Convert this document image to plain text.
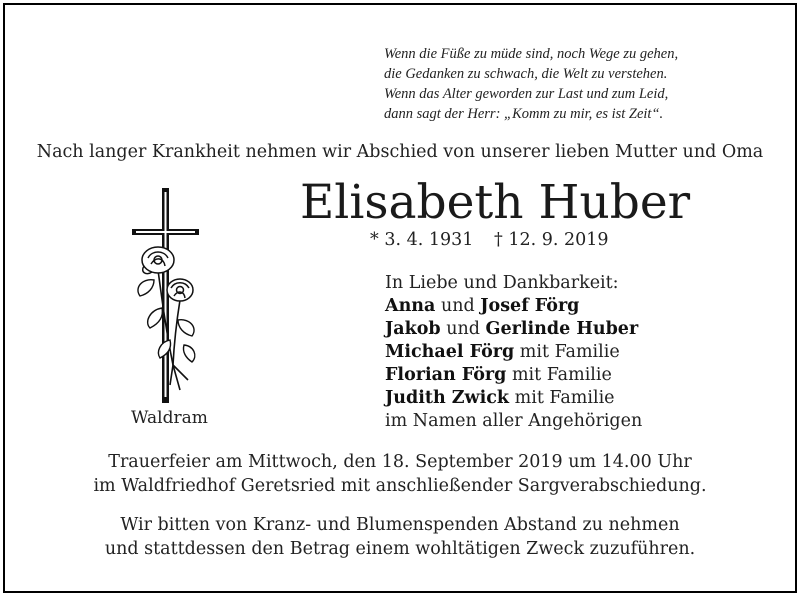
Wenn die Füße zu müde sind, noch Wege zu gehen,
die Gedanken zu schwach, die Welt zu verstehen.
Wenn das Alter geworden zur Last und zum Leid,
dann sagt der Herr: „Komm zu mir, es ist Zeit“.
Nach langer Krankheit nehmen wir Abschied von unserer lieben Mutter und Oma
Elisabeth Huber
* 3. 4. 1931 † 12. 9. 2019
Waldram
In Liebe und Dankbarkeit:
Anna und Josef Förg
Jakob und Gerlinde Huber
Michael Förg mit Familie
Florian Förg mit Familie
Judith Zwick mit Familie
im Namen aller Angehörigen
Trauerfeier am Mittwoch, den 18. September 2019 um 14.00 Uhr
im Waldfriedhof Geretsried mit anschließender Sargverabschiedung.
Wir bitten von Kranz- und Blumenspenden Abstand zu nehmen
und stattdessen den Betrag einem wohltätigen Zweck zuzuführen.
